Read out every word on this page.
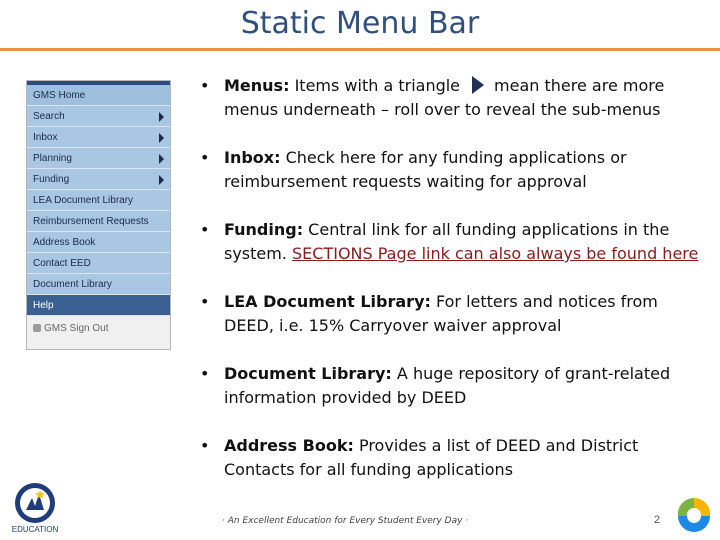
Static Menu Bar
GMS Home
Search
Inbox
Planning
Funding
LEA Document Library
Reimbursement Requests
Address Book
Contact EED
Document Library
Help
GMS Sign Out
• Menus: Items with a triangle mean there are more menus underneath – roll over to reveal the sub-menus
• Inbox: Check here for any funding applications or reimbursement requests waiting for approval
• Funding: Central link for all funding applications in the system. SECTIONS Page link can also always be found here
• LEA Document Library: For letters and notices from DEED, i.e. 15% Carryover waiver approval
• Document Library: A huge repository of grant-related information provided by DEED
• Address Book: Provides a list of DEED and District Contacts for all funding applications
EDUCATION
· An Excellent Education for Every Student Every Day ·	2
